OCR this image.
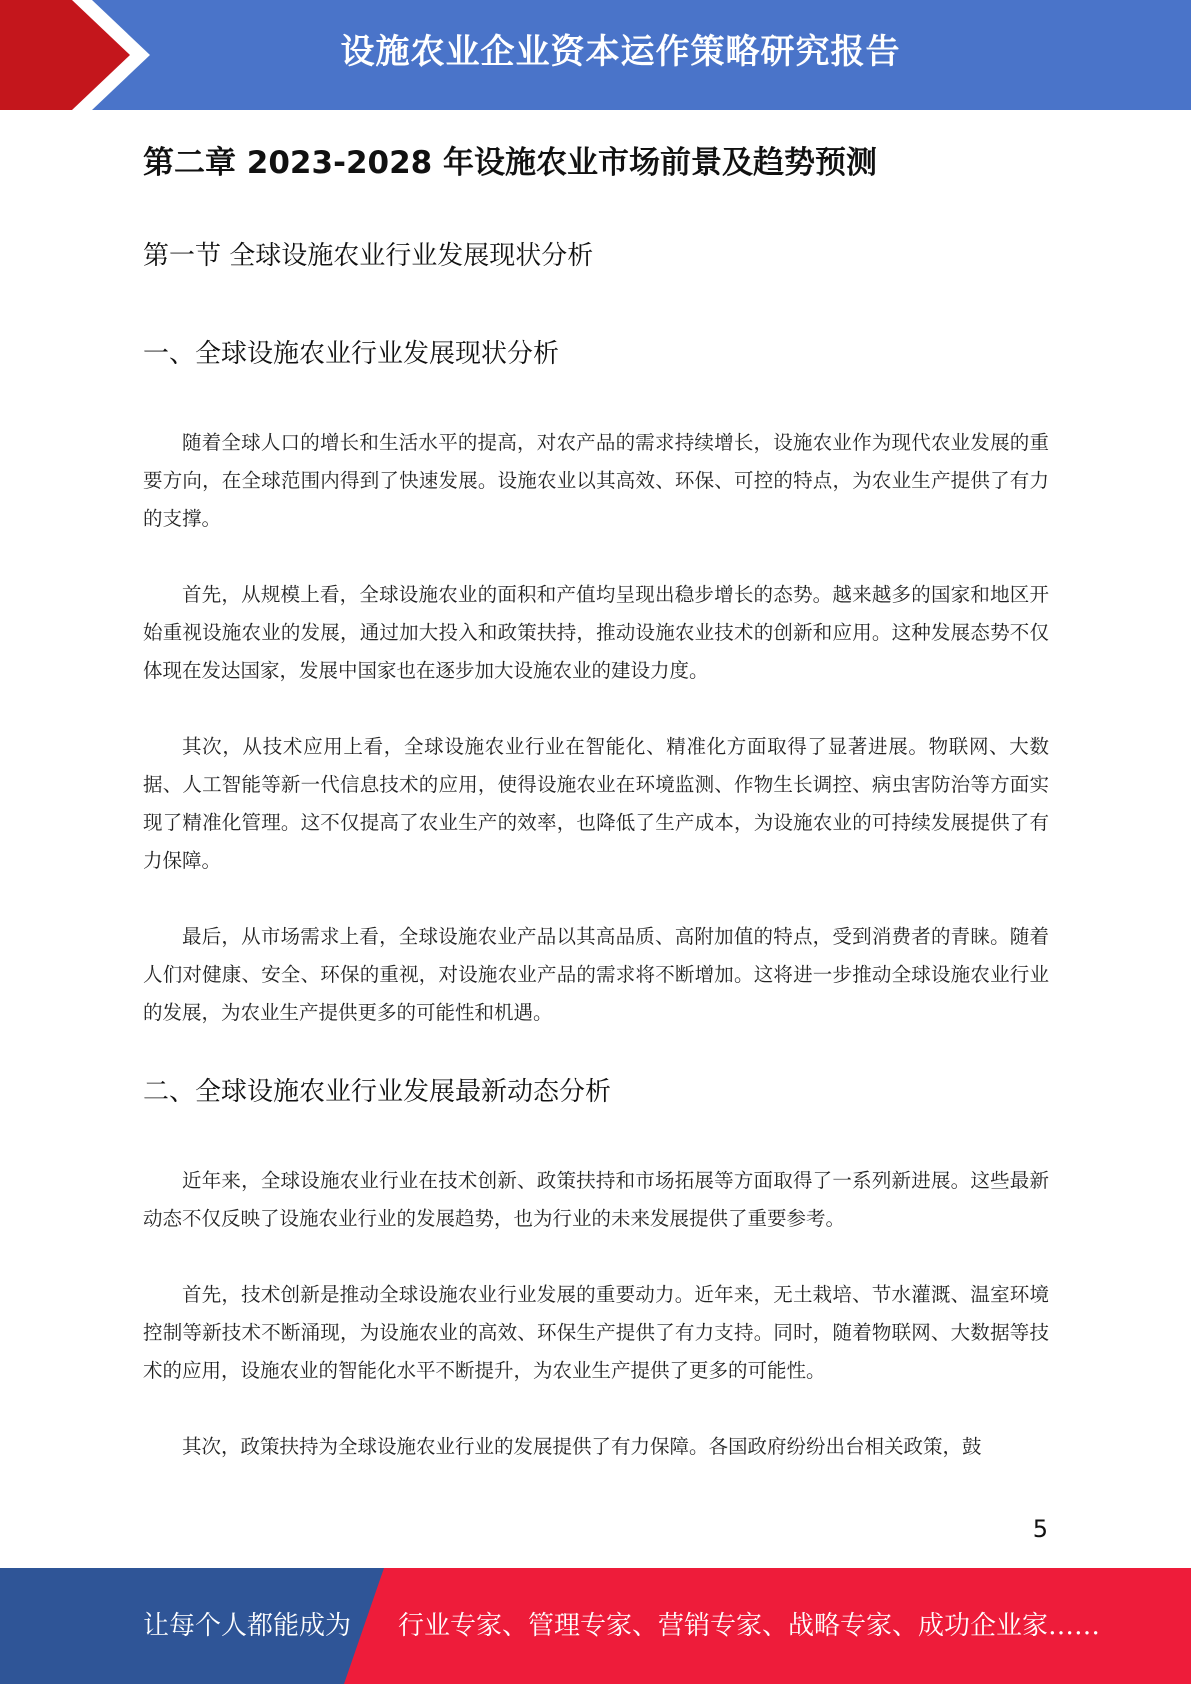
设施农业企业资本运作策略研究报告
第二章 2023-2028 年设施农业市场前景及趋势预测
第一节 全球设施农业行业发展现状分析
一、全球设施农业行业发展现状分析

随着全球人口的增长和生活水平的提高，对农产品的需求持续增长，设施农业作为现代农业发展的重要方向，在全球范围内得到了快速发展。设施农业以其高效、环保、可控的特点，为农业生产提供了有力的支撑。

首先，从规模上看，全球设施农业的面积和产值均呈现出稳步增长的态势。越来越多的国家和地区开始重视设施农业的发展，通过加大投入和政策扶持，推动设施农业技术的创新和应用。这种发展态势不仅体现在发达国家，发展中国家也在逐步加大设施农业的建设力度。

其次，从技术应用上看，全球设施农业行业在智能化、精准化方面取得了显著进展。物联网、大数据、人工智能等新一代信息技术的应用，使得设施农业在环境监测、作物生长调控、病虫害防治等方面实现了精准化管理。这不仅提高了农业生产的效率，也降低了生产成本，为设施农业的可持续发展提供了有力保障。

最后，从市场需求上看，全球设施农业产品以其高品质、高附加值的特点，受到消费者的青睐。随着人们对健康、安全、环保的重视，对设施农业产品的需求将不断增加。这将进一步推动全球设施农业行业的发展，为农业生产提供更多的可能性和机遇。

二、全球设施农业行业发展最新动态分析

近年来，全球设施农业行业在技术创新、政策扶持和市场拓展等方面取得了一系列新进展。这些最新动态不仅反映了设施农业行业的发展趋势，也为行业的未来发展提供了重要参考。

首先，技术创新是推动全球设施农业行业发展的重要动力。近年来，无土栽培、节水灌溉、温室环境控制等新技术不断涌现，为设施农业的高效、环保生产提供了有力支持。同时，随着物联网、大数据等技术的应用，设施农业的智能化水平不断提升，为农业生产提供了更多的可能性。

其次，政策扶持为全球设施农业行业的发展提供了有力保障。各国政府纷纷出台相关政策，鼓

5
让每个人都能成为 行业专家、管理专家、营销专家、战略专家、成功企业家……
